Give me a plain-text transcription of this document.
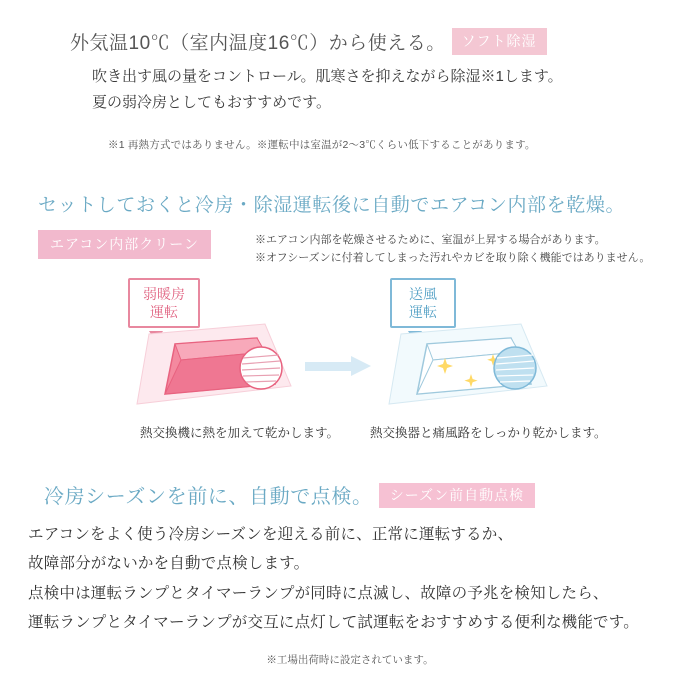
外気温10℃（室内温度16℃）から使える。 ソフト除湿
吹き出す風の量をコントロール。肌寒さを抑えながら除湿※1します。
夏の弱冷房としてもおすすめです。
※1 再熱方式ではありません。※運転中は室温が2〜3℃くらい低下することがあります。
セットしておくと冷房・除湿運転後に自動でエアコン内部を乾燥。
エアコン内部クリーン	※エアコン内部を乾燥させるために、室温が上昇する場合があります。
※オフシーズンに付着してしまった汚れやカビを取り除く機能ではありません。
弱暖房
運転
送風
運転
熱交換機に熱を加えて乾かします。 熱交換器と痛風路をしっかり乾かします。
冷房シーズンを前に、自動で点検。 シーズン前自動点検
エアコンをよく使う冷房シーズンを迎える前に、正常に運転するか、
故障部分がないかを自動で点検します。
点検中は運転ランプとタイマーランプが同時に点滅し、故障の予兆を検知したら、
運転ランプとタイマーランプが交互に点灯して試運転をおすすめする便利な機能です。
※工場出荷時に設定されています。
